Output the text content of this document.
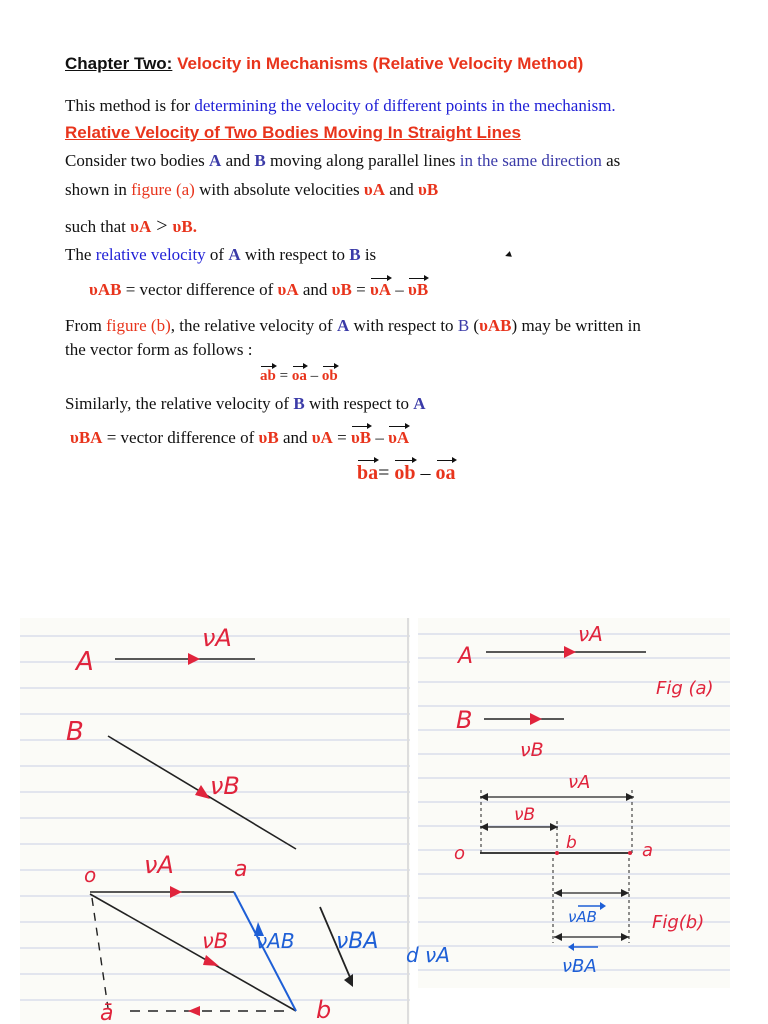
Chapter Two: Velocity in Mechanisms (Relative Velocity Method)
This method is for determining the velocity of different points in the mechanism.
Relative Velocity of Two Bodies Moving In Straight Lines
Consider two bodies A and B moving along parallel lines in the same direction as
shown in figure (a) with absolute velocities υA and υB
such that υA > υB.
The relative velocity of A with respect to B is
υAB = vector difference of υA and υB = υA – υB
From figure (b), the relative velocity of A with respect to B (υAB) may be written in
the vector form as follows :
ab = oa – ob
Similarly, the relative velocity of B with respect to A
υBA = vector difference of υB and υA = υB – υA
ba= ob – oa
A
νA
B
νB
o νA	a
νB νAB νBA
ā	b
A
νA
Fig (a)
B
νB
νA
νB
o	b	a
νAB	Fig(b)
νBA
d νA
